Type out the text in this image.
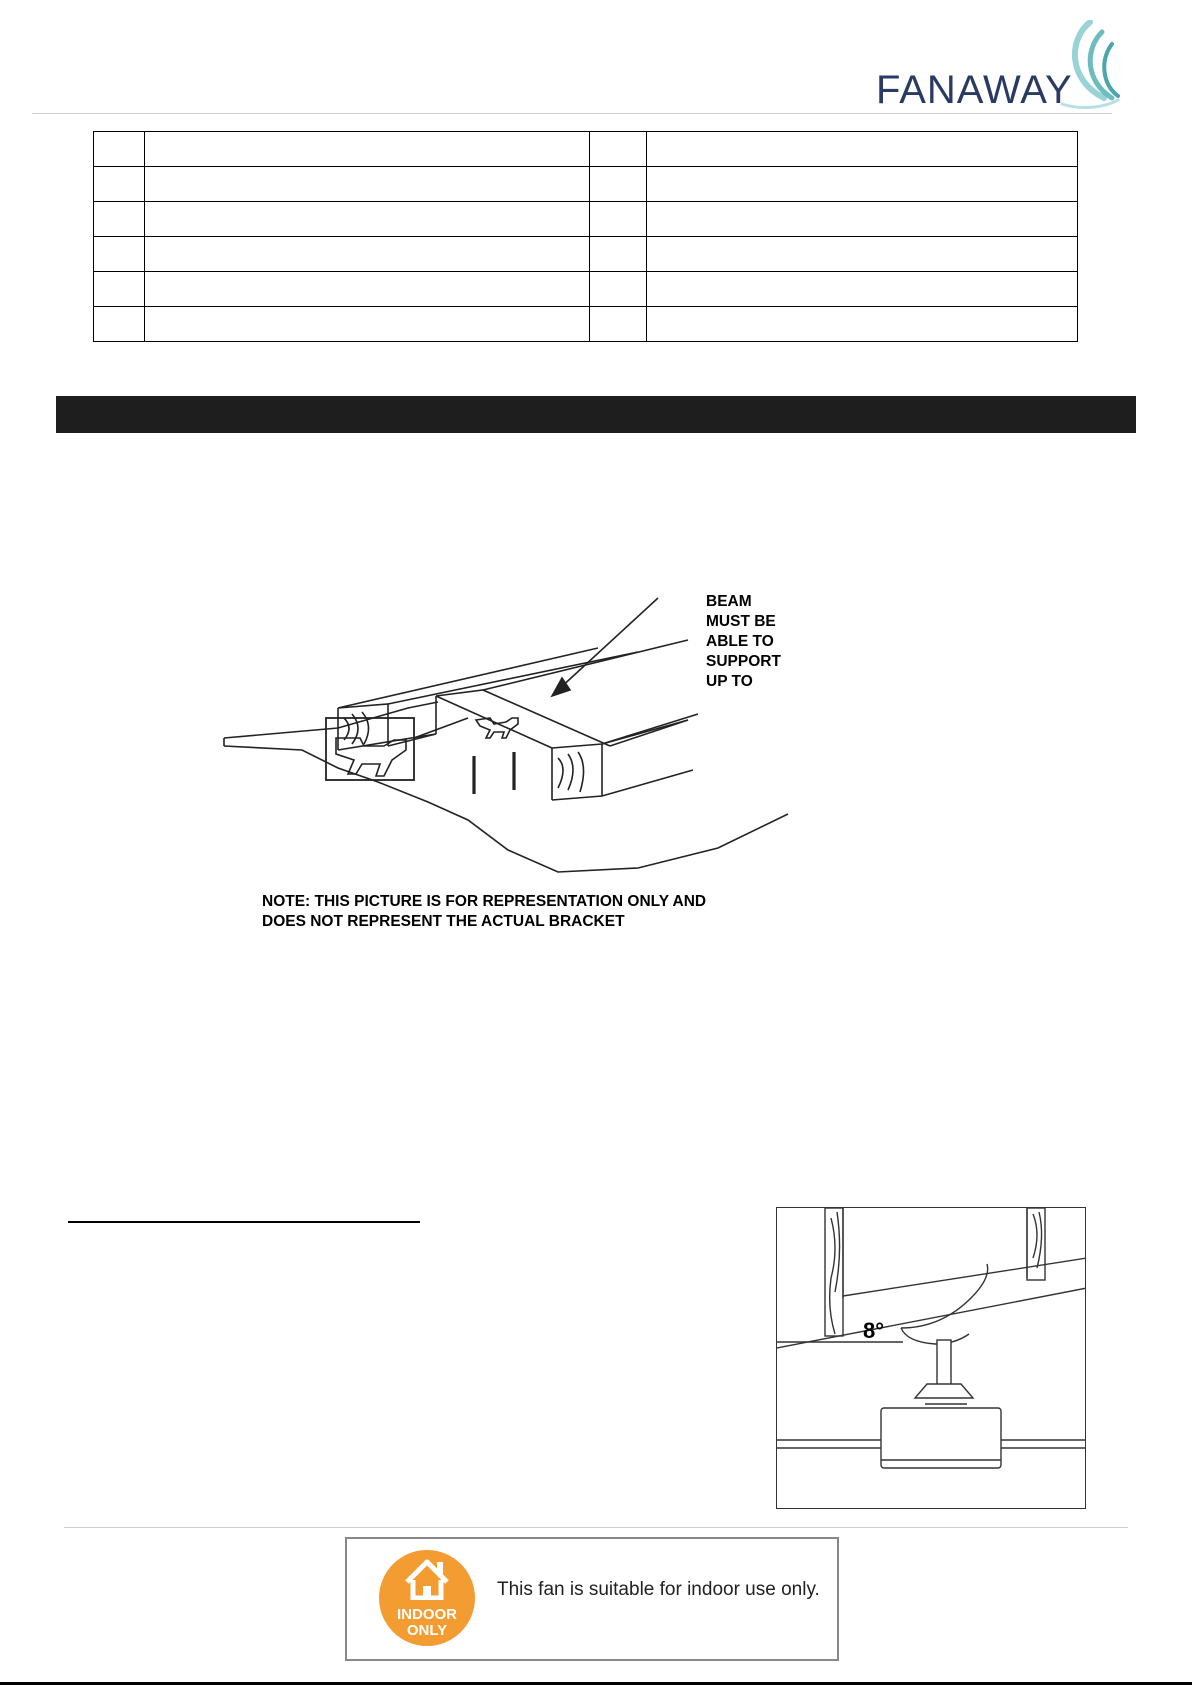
FANAWAY

BEAM
MUST BE
ABLE TO
SUPPORT
UP TO
NOTE: THIS PICTURE IS FOR REPRESENTATION ONLY AND
DOES NOT REPRESENT THE ACTUAL BRACKET
8°
INDOOR
ONLY
This fan is suitable for indoor use only.
